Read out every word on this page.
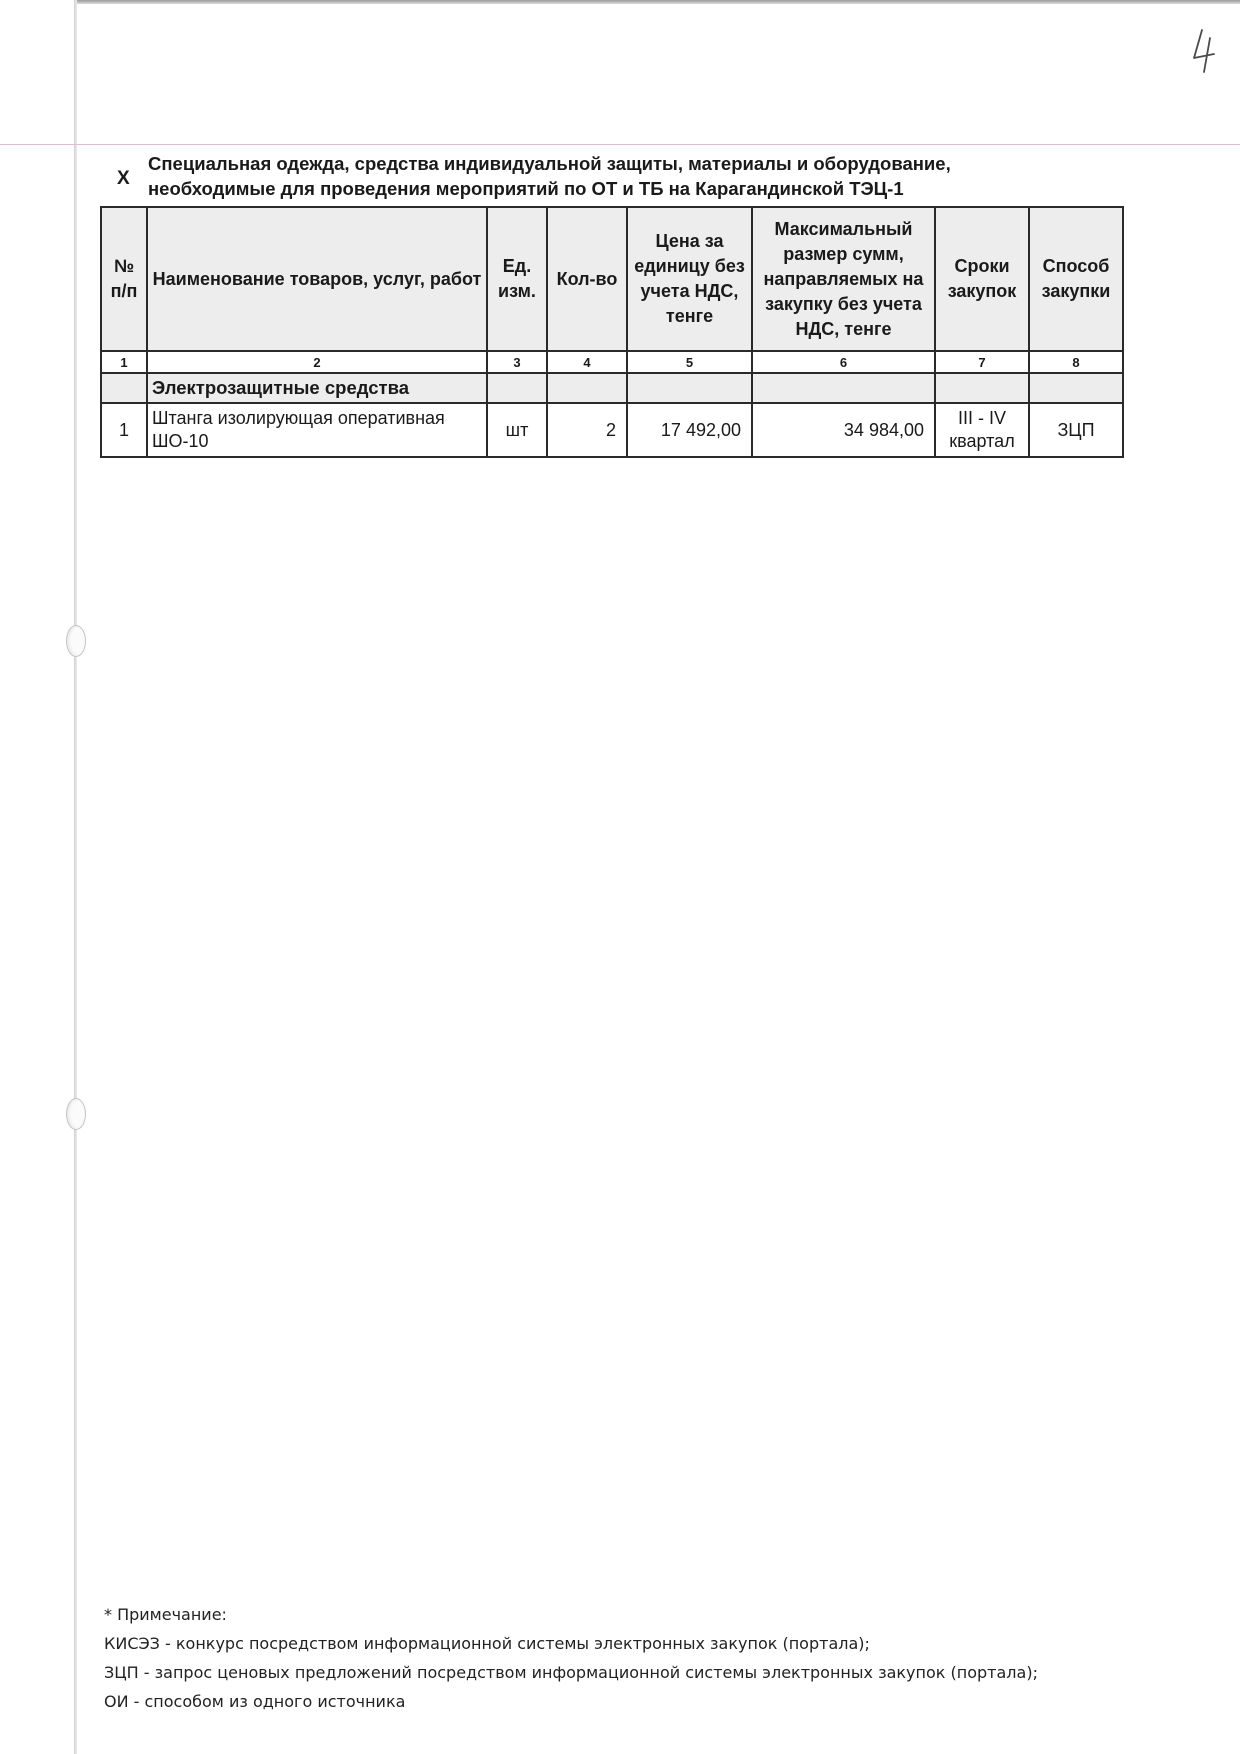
X
Специальная одежда, средства индивидуальной защиты, материалы и оборудование,
необходимые для проведения мероприятий по ОТ и ТБ на Карагандинской ТЭЦ-1
№ п/п	Наименование товаров, услуг, работ	Ед. изм.	Кол-во	Цена за единицу без учета НДС, тенге	Максимальный размер сумм, направляемых на закупку без учета НДС, тенге	Сроки закупок	Способ закупки
1	2	3	4	5	6	7	8
	Электрозащитные средства						
1	Штанга изолирующая оперативная ШО-10	шт	2	17 492,00	34 984,00	III - IV квартал	ЗЦП
* Примечание:
КИСЭЗ - конкурс посредством информационной системы электронных закупок (портала);
ЗЦП - запрос ценовых предложений посредством информационной системы электронных закупок (портала);
ОИ - способом из одного источника
